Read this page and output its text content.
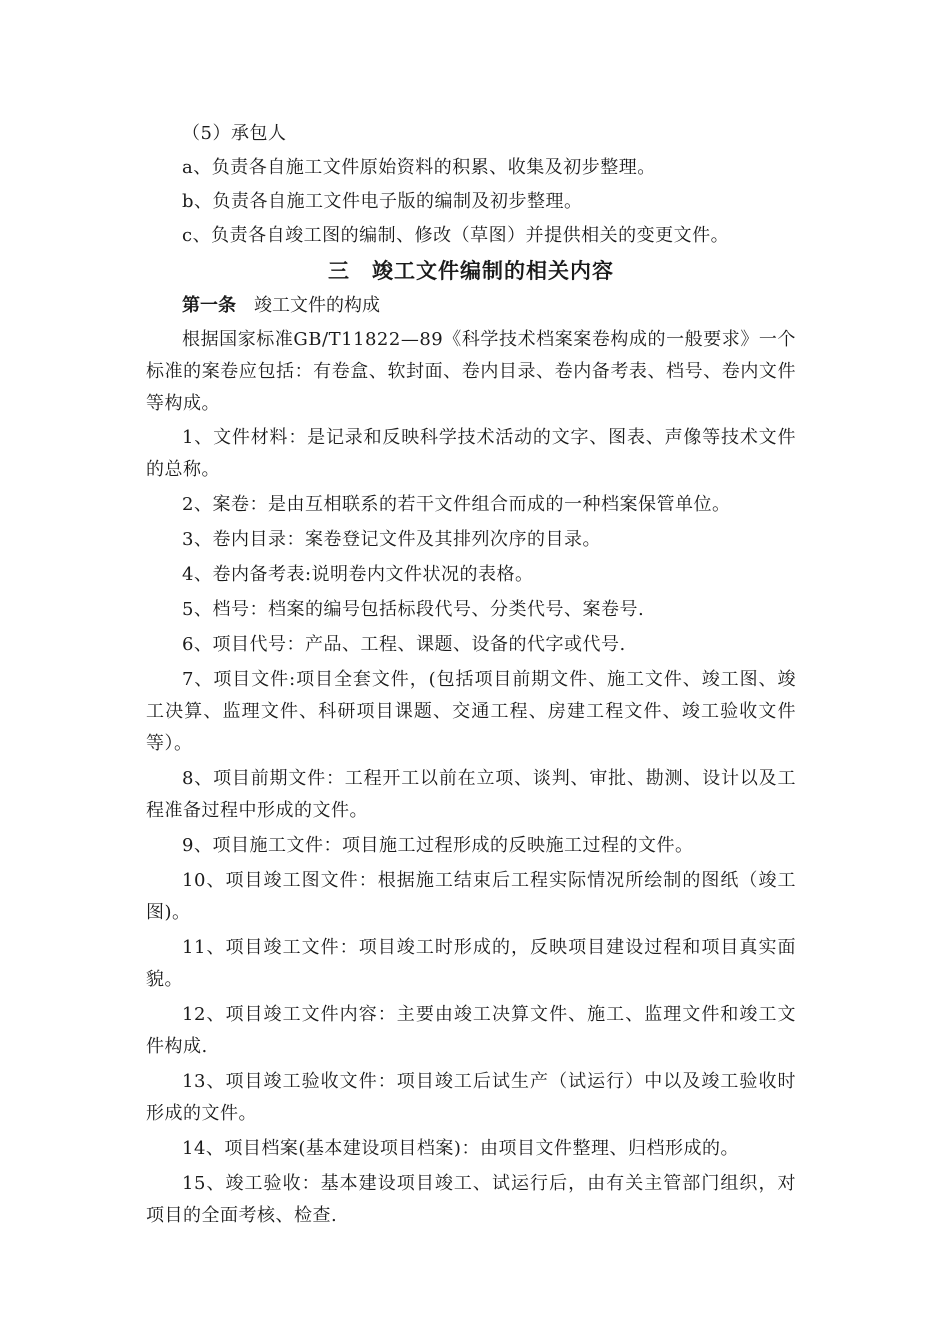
（5）承包人

a、负责各自施工文件原始资料的积累、收集及初步整理。

b、负责各自施工文件电子版的编制及初步整理。

c、负责各自竣工图的编制、修改（草图）并提供相关的变更文件。

三　竣工文件编制的相关内容

第一条 竣工文件的构成

根据国家标准GB/T11822—89《科学技术档案案卷构成的一般要求》一个标准的案卷应包括：有卷盒、软封面、卷内目录、卷内备考表、档号、卷内文件等构成。

1、文件材料：是记录和反映科学技术活动的文字、图表、声像等技术文件的总称。

2、案卷：是由互相联系的若干文件组合而成的一种档案保管单位。

3、卷内目录：案卷登记文件及其排列次序的目录。

4、卷内备考表:说明卷内文件状况的表格。

5、档号：档案的编号包括标段代号、分类代号、案卷号.

6、项目代号：产品、工程、课题、设备的代字或代号.

7、项目文件:项目全套文件，(包括项目前期文件、施工文件、竣工图、竣工决算、监理文件、科研项目课题、交通工程、房建工程文件、竣工验收文件等）。

8、项目前期文件：工程开工以前在立项、谈判、审批、勘测、设计以及工程准备过程中形成的文件。

9、项目施工文件：项目施工过程形成的反映施工过程的文件。

10、项目竣工图文件：根据施工结束后工程实际情况所绘制的图纸（竣工图)。

11、项目竣工文件：项目竣工时形成的，反映项目建设过程和项目真实面貌。

12、项目竣工文件内容：主要由竣工决算文件、施工、监理文件和竣工文件构成.

13、项目竣工验收文件：项目竣工后试生产（试运行）中以及竣工验收时形成的文件。

14、项目档案(基本建设项目档案)：由项目文件整理、归档形成的。

15、竣工验收：基本建设项目竣工、试运行后，由有关主管部门组织，对项目的全面考核、检查.
